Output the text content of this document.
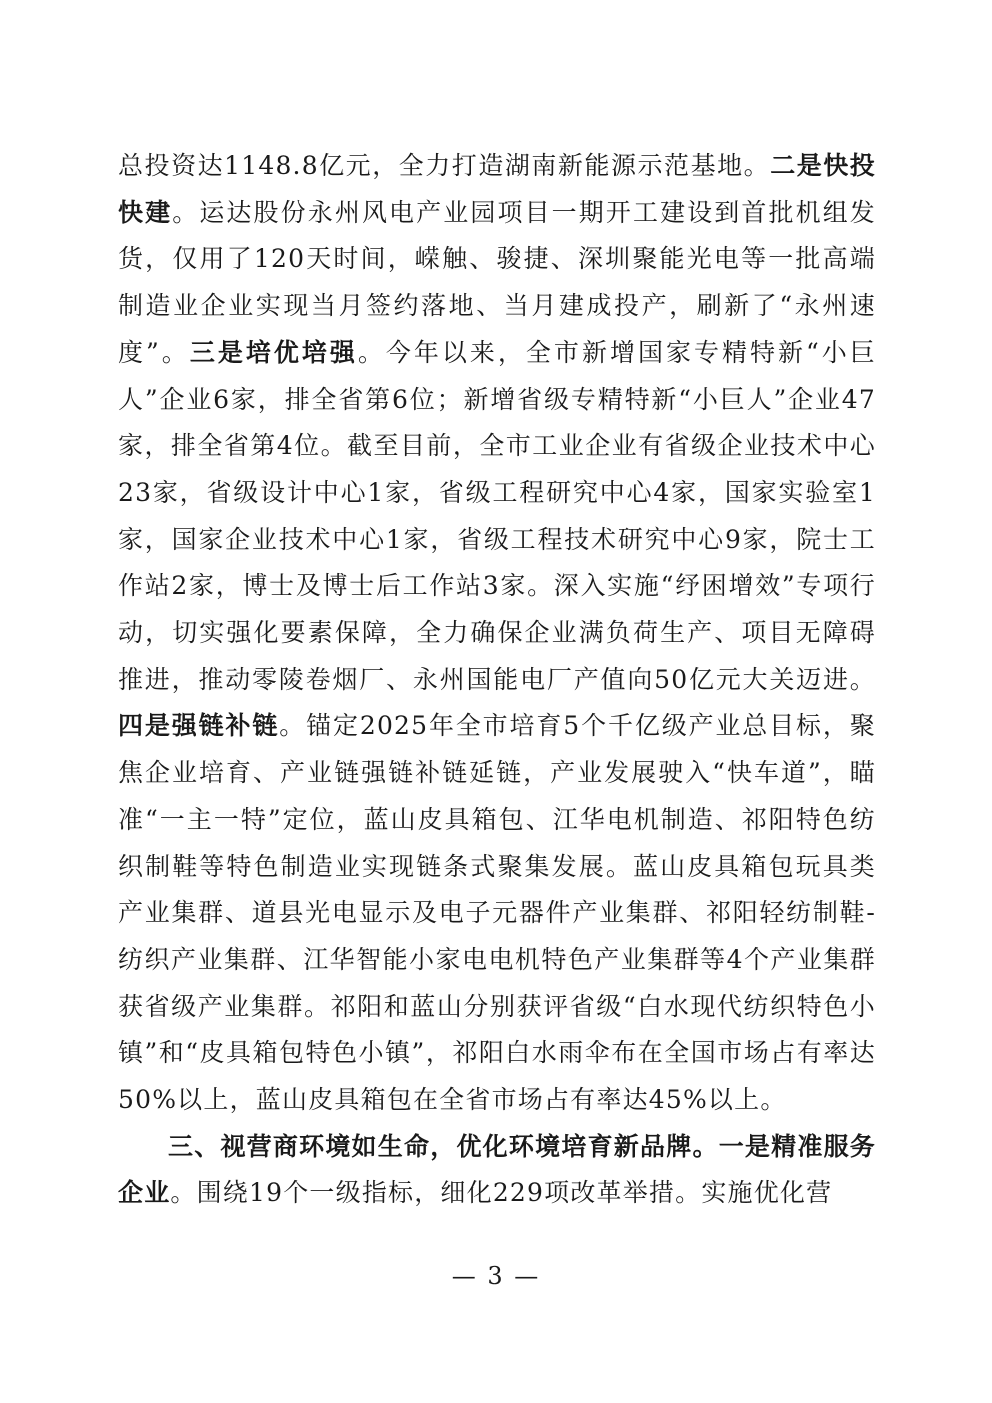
总投资达1148.8亿元，全力打造湖南新能源示范基地。二是快投快建。运达股份永州风电产业园项目一期开工建设到首批机组发货，仅用了120天时间，嵘触、骏捷、深圳聚能光电等一批高端制造业企业实现当月签约落地、当月建成投产，刷新了“永州速度”。三是培优培强。今年以来，全市新增国家专精特新“小巨人”企业6家，排全省第6位；新增省级专精特新“小巨人”企业47家，排全省第4位。截至目前，全市工业企业有省级企业技术中心23家，省级设计中心1家，省级工程研究中心4家，国家实验室1家，国家企业技术中心1家，省级工程技术研究中心9家，院士工作站2家，博士及博士后工作站3家。深入实施“纾困增效”专项行动，切实强化要素保障，全力确保企业满负荷生产、项目无障碍推进，推动零陵卷烟厂、永州国能电厂产值向50亿元大关迈进。四是强链补链。锚定2025年全市培育5个千亿级产业总目标，聚焦企业培育、产业链强链补链延链，产业发展驶入“快车道”，瞄准“一主一特”定位，蓝山皮具箱包、江华电机制造、祁阳特色纺织制鞋等特色制造业实现链条式聚集发展。蓝山皮具箱包玩具类产业集群、道县光电显示及电子元器件产业集群、祁阳轻纺制鞋-纺织产业集群、江华智能小家电电机特色产业集群等4个产业集群获省级产业集群。祁阳和蓝山分别获评省级“白水现代纺织特色小镇”和“皮具箱包特色小镇”，祁阳白水雨伞布在全国市场占有率达50%以上，蓝山皮具箱包在全省市场占有率达45%以上。

三、视营商环境如生命，优化环境培育新品牌。一是精准服务企业。围绕19个一级指标，细化229项改革举措。实施优化营

— 3 —
